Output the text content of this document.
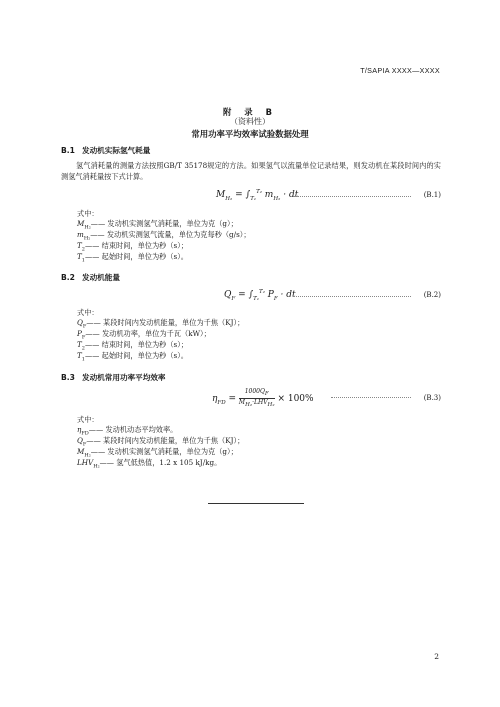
T/SAPIA XXXX—XXXX
附 录 B
（资料性）
常用功率平均效率试验数据处理
B.1 发动机实际氢气耗量
氢气消耗量的测量方法按照GB/T 35178规定的方法。如果氢气以流量单位记录结果，则发动机在某段时间内的实测氢气消耗量按下式计算。
$M_{H_2} = \int_{T_1}^{T_2}$ $m_{H_2}$ · dt	(B.1)
式中：
$M_{H_2}——$ 发动机实测氢气消耗量，单位为克（g）；
$m_{H_2}——$ 发动机实测氢气流量，单位为克每秒（g/s）；
$T_2——$ 结束时间，单位为秒（s）；
$T_1——$ 起始时间，单位为秒（s）。
B.2 发动机能量
$Q_F = \int_{T_1}^{T_2}$ $P_F$ · dt	(B.2)
式中：
$Q_F——$ 某段时间内发动机能量，单位为千焦（KJ）；
$P_F——$ 发动机功率，单位为千瓦（kW）；
$T_2——$ 结束时间，单位为秒（s）；
$T_1——$ 起始时间，单位为秒（s）。
B.3 发动机常用功率平均效率
$\eta_{FD} = \frac{1000Q_F}{M_{H_2}\cdot LHV_{H_2}} \times 100\%$	(B.3)
式中：
$\eta_{FD}——$ 发动机动态平均效率。
$Q_F——$ 某段时间内发动机能量，单位为千焦（KJ）；
$M_{H_2}——$ 发动机实测氢气消耗量，单位为克（g）；
$LHV_{H_2}——$ 氢气低热值，1.2 x 105 kJ/kg。
2
